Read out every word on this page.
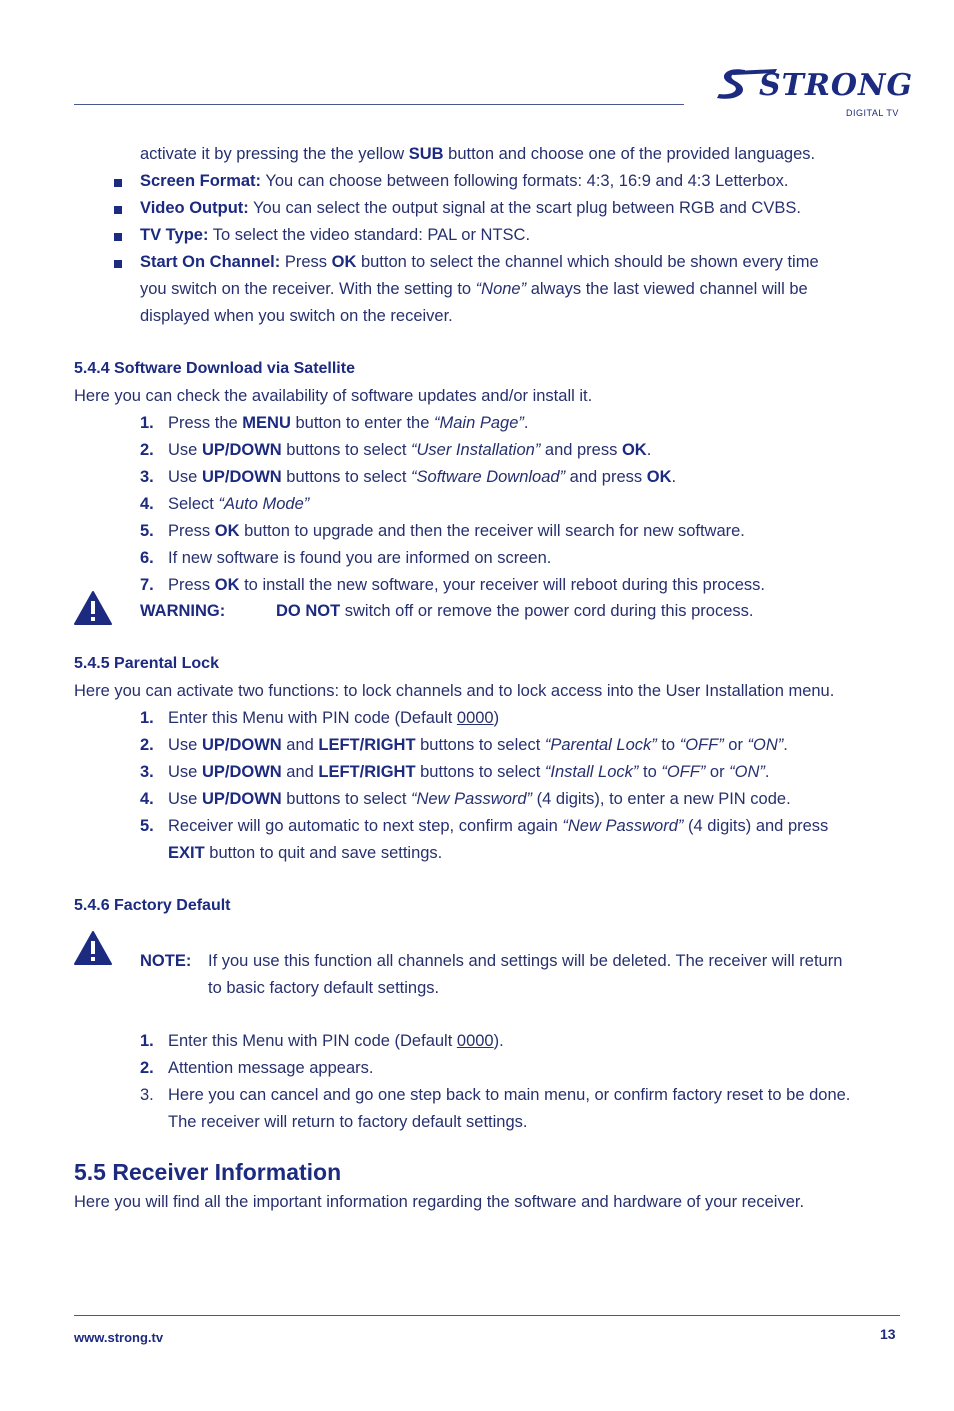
STRONG
DIGITAL TV
activate it by pressing the the yellow SUB button and choose one of the provided languages.
Screen Format: You can choose between following formats: 4:3, 16:9 and 4:3 Letterbox.
Video Output: You can select the output signal at the scart plug between RGB and CVBS.
TV Type: To select the video standard: PAL or NTSC.
Start On Channel: Press OK button to select the channel which should be shown every time
you switch on the receiver. With the setting to “None” always the last viewed channel will be
displayed when you switch on the receiver.
5.4.4 Software Download via Satellite
Here you can check the availability of software updates and/or install it.
1. Press the MENU button to enter the “Main Page”.
2. Use UP/DOWN buttons to select “User Installation” and press OK.
3. Use UP/DOWN buttons to select “Software Download” and press OK.
4. Select “Auto Mode”
5. Press OK button to upgrade and then the receiver will search for new software.
6. If new software is found you are informed on screen.
7. Press OK to install the new software, your receiver will reboot during this process.
WARNING:	DO NOT switch off or remove the power cord during this process.
5.4.5 Parental Lock
Here you can activate two functions: to lock channels and to lock access into the User Installation menu.
1. Enter this Menu with PIN code (Default 0000)
2. Use UP/DOWN and LEFT/RIGHT buttons to select “Parental Lock” to “OFF” or “ON”.
3. Use UP/DOWN and LEFT/RIGHT buttons to select “Install Lock” to “OFF” or “ON”.
4. Use UP/DOWN buttons to select “New Password” (4 digits), to enter a new PIN code.
5. Receiver will go automatic to next step, confirm again “New Password” (4 digits) and press
EXIT button to quit and save settings.
5.4.6 Factory Default
NOTE: If you use this function all channels and settings will be deleted. The receiver will return
to basic factory default settings.
1. Enter this Menu with PIN code (Default 0000).
2. Attention message appears.
3. Here you can cancel and go one step back to main menu, or confirm factory reset to be done.
The receiver will return to factory default settings.
5.5 Receiver Information
Here you will find all the important information regarding the software and hardware of your receiver.
www.strong.tv	13
